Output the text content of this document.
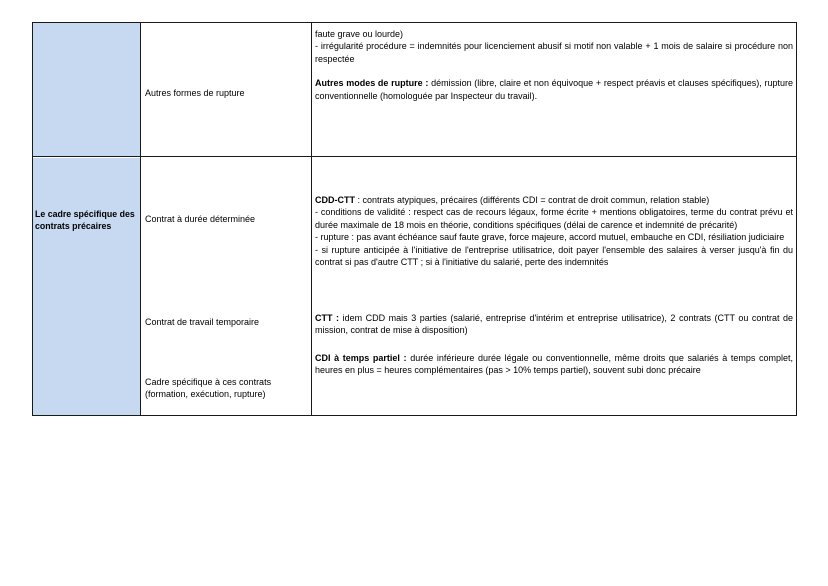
Autres formes de rupture

faute grave ou lourde)

- irrégularité procédure = indemnités pour licenciement abusif si motif non valable + 1 mois de salaire si procédure non respectée

Autres modes de rupture : démission (libre, claire et non équivoque + respect préavis et clauses spécifiques), rupture conventionnelle (homologuée par Inspecteur du travail).

Le cadre spécifique des contrats précaires
Contrat à durée déterminée
Contrat de travail temporaire
Cadre spécifique à ces contrats (formation, exécution, rupture)

CDD-CTT : contrats atypiques, précaires (différents CDI = contrat de droit commun, relation stable)

- conditions de validité : respect cas de recours légaux, forme écrite + mentions obligatoires, terme du contrat prévu et durée maximale de 18 mois en théorie, conditions spécifiques (délai de carence et indemnité de précarité)

- rupture : pas avant échéance sauf faute grave, force majeure, accord mutuel, embauche en CDI, résiliation judiciaire

- si rupture anticipée à l'initiative de l'entreprise utilisatrice, doit payer l'ensemble des salaires à verser jusqu'à fin du contrat si pas d'autre CTT ; si à l'initiative du salarié, perte des indemnités

CTT : idem CDD mais 3 parties (salarié, entreprise d'intérim et entreprise utilisatrice), 2 contrats (CTT ou contrat de mission, contrat de mise à disposition)

CDI à temps partiel : durée inférieure durée légale ou conventionnelle, même droits que salariés à temps complet, heures en plus = heures complémentaires (pas > 10% temps partiel), souvent subi donc précaire
